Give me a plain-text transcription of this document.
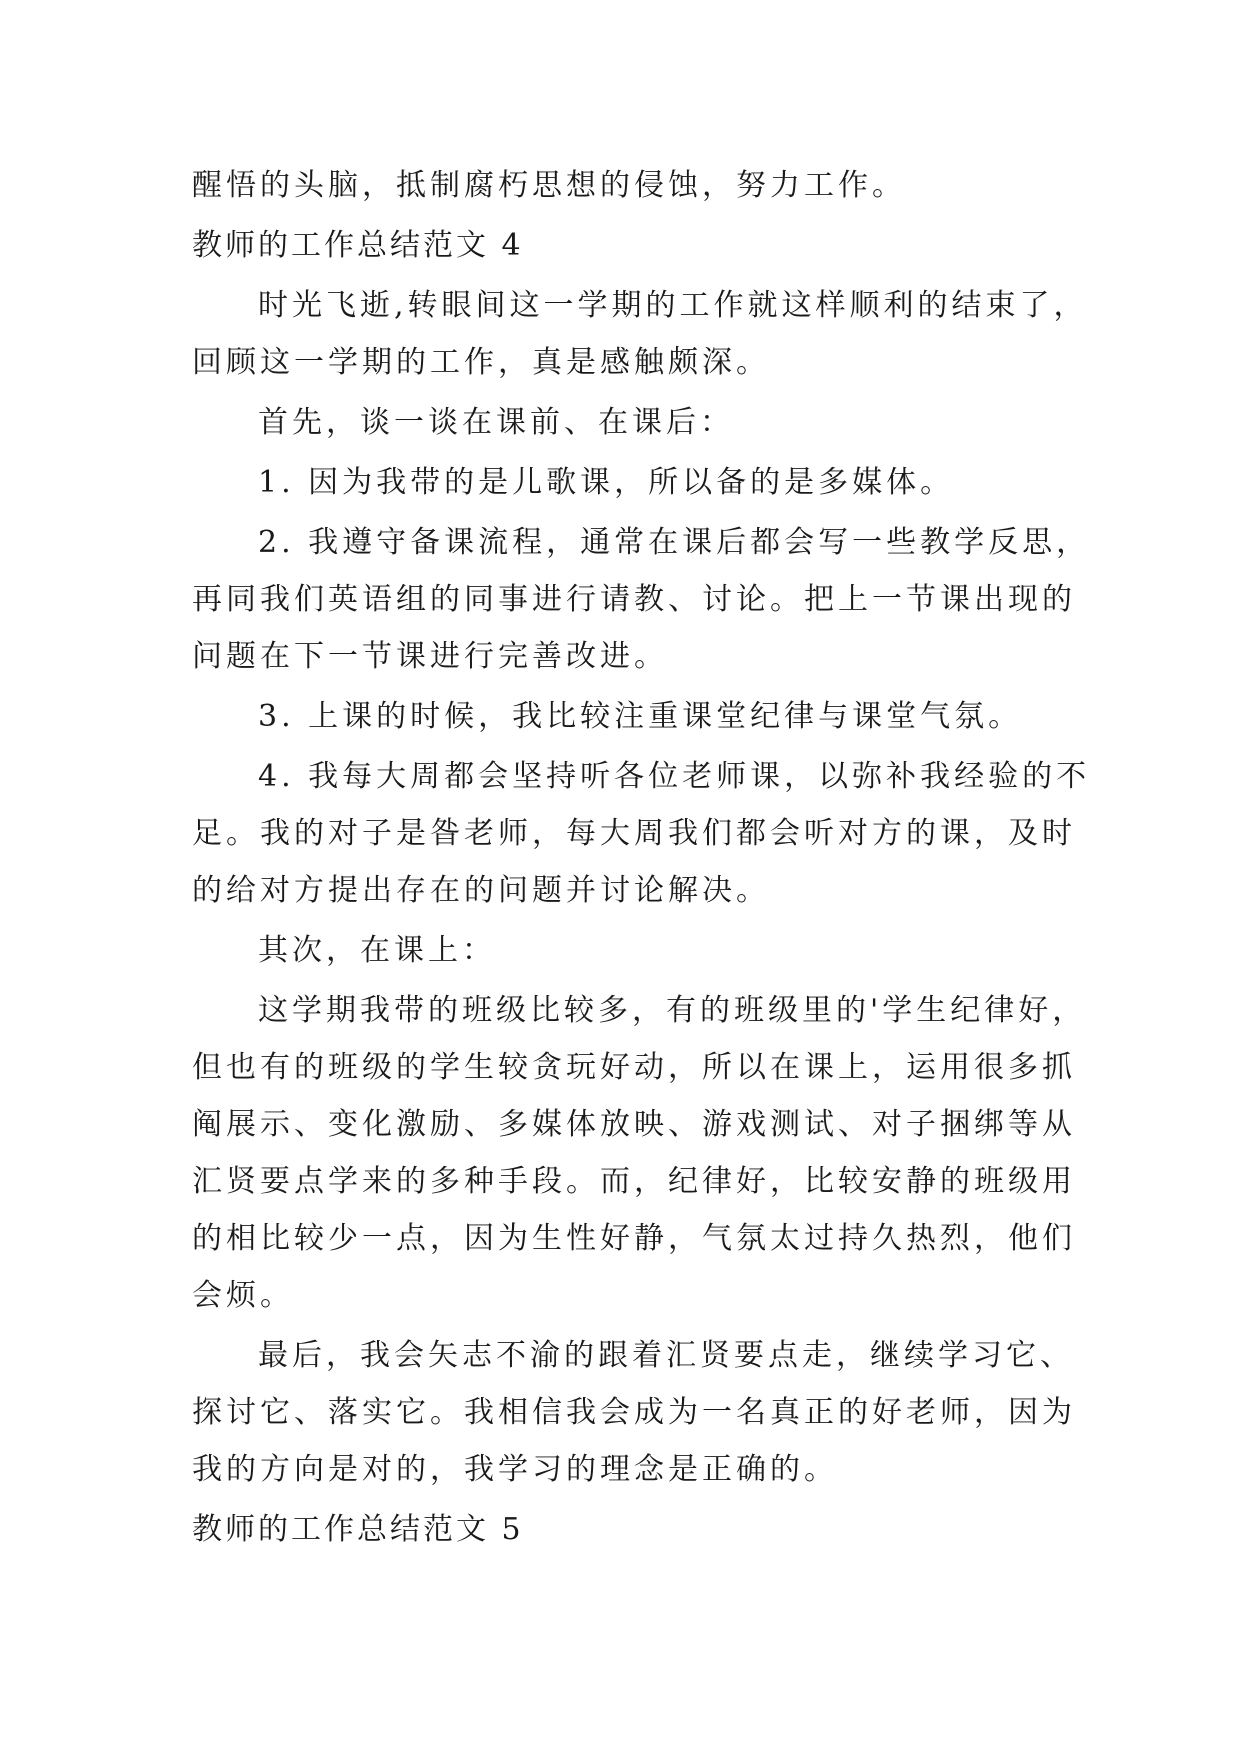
醒悟的头脑，抵制腐朽思想的侵蚀，努力工作。
教师的工作总结范文 4
时光飞逝,转眼间这一学期的工作就这样顺利的结束了，
回顾这一学期的工作，真是感触颇深。
首先，谈一谈在课前、在课后：
1. 因为我带的是儿歌课，所以备的是多媒体。
2. 我遵守备课流程，通常在课后都会写一些教学反思，
再同我们英语组的同事进行请教、讨论。把上一节课出现的
问题在下一节课进行完善改进。
3. 上课的时候，我比较注重课堂纪律与课堂气氛。
4. 我每大周都会坚持听各位老师课，以弥补我经验的不
足。我的对子是昝老师，每大周我们都会听对方的课，及时
的给对方提出存在的问题并讨论解决。
其次，在课上：
这学期我带的班级比较多，有的班级里的'学生纪律好，
但也有的班级的学生较贪玩好动，所以在课上，运用很多抓
阄展示、变化激励、多媒体放映、游戏测试、对子捆绑等从
汇贤要点学来的多种手段。而，纪律好，比较安静的班级用
的相比较少一点，因为生性好静，气氛太过持久热烈，他们
会烦。
最后，我会矢志不渝的跟着汇贤要点走，继续学习它、
探讨它、落实它。我相信我会成为一名真正的好老师，因为
我的方向是对的，我学习的理念是正确的。
教师的工作总结范文 5
